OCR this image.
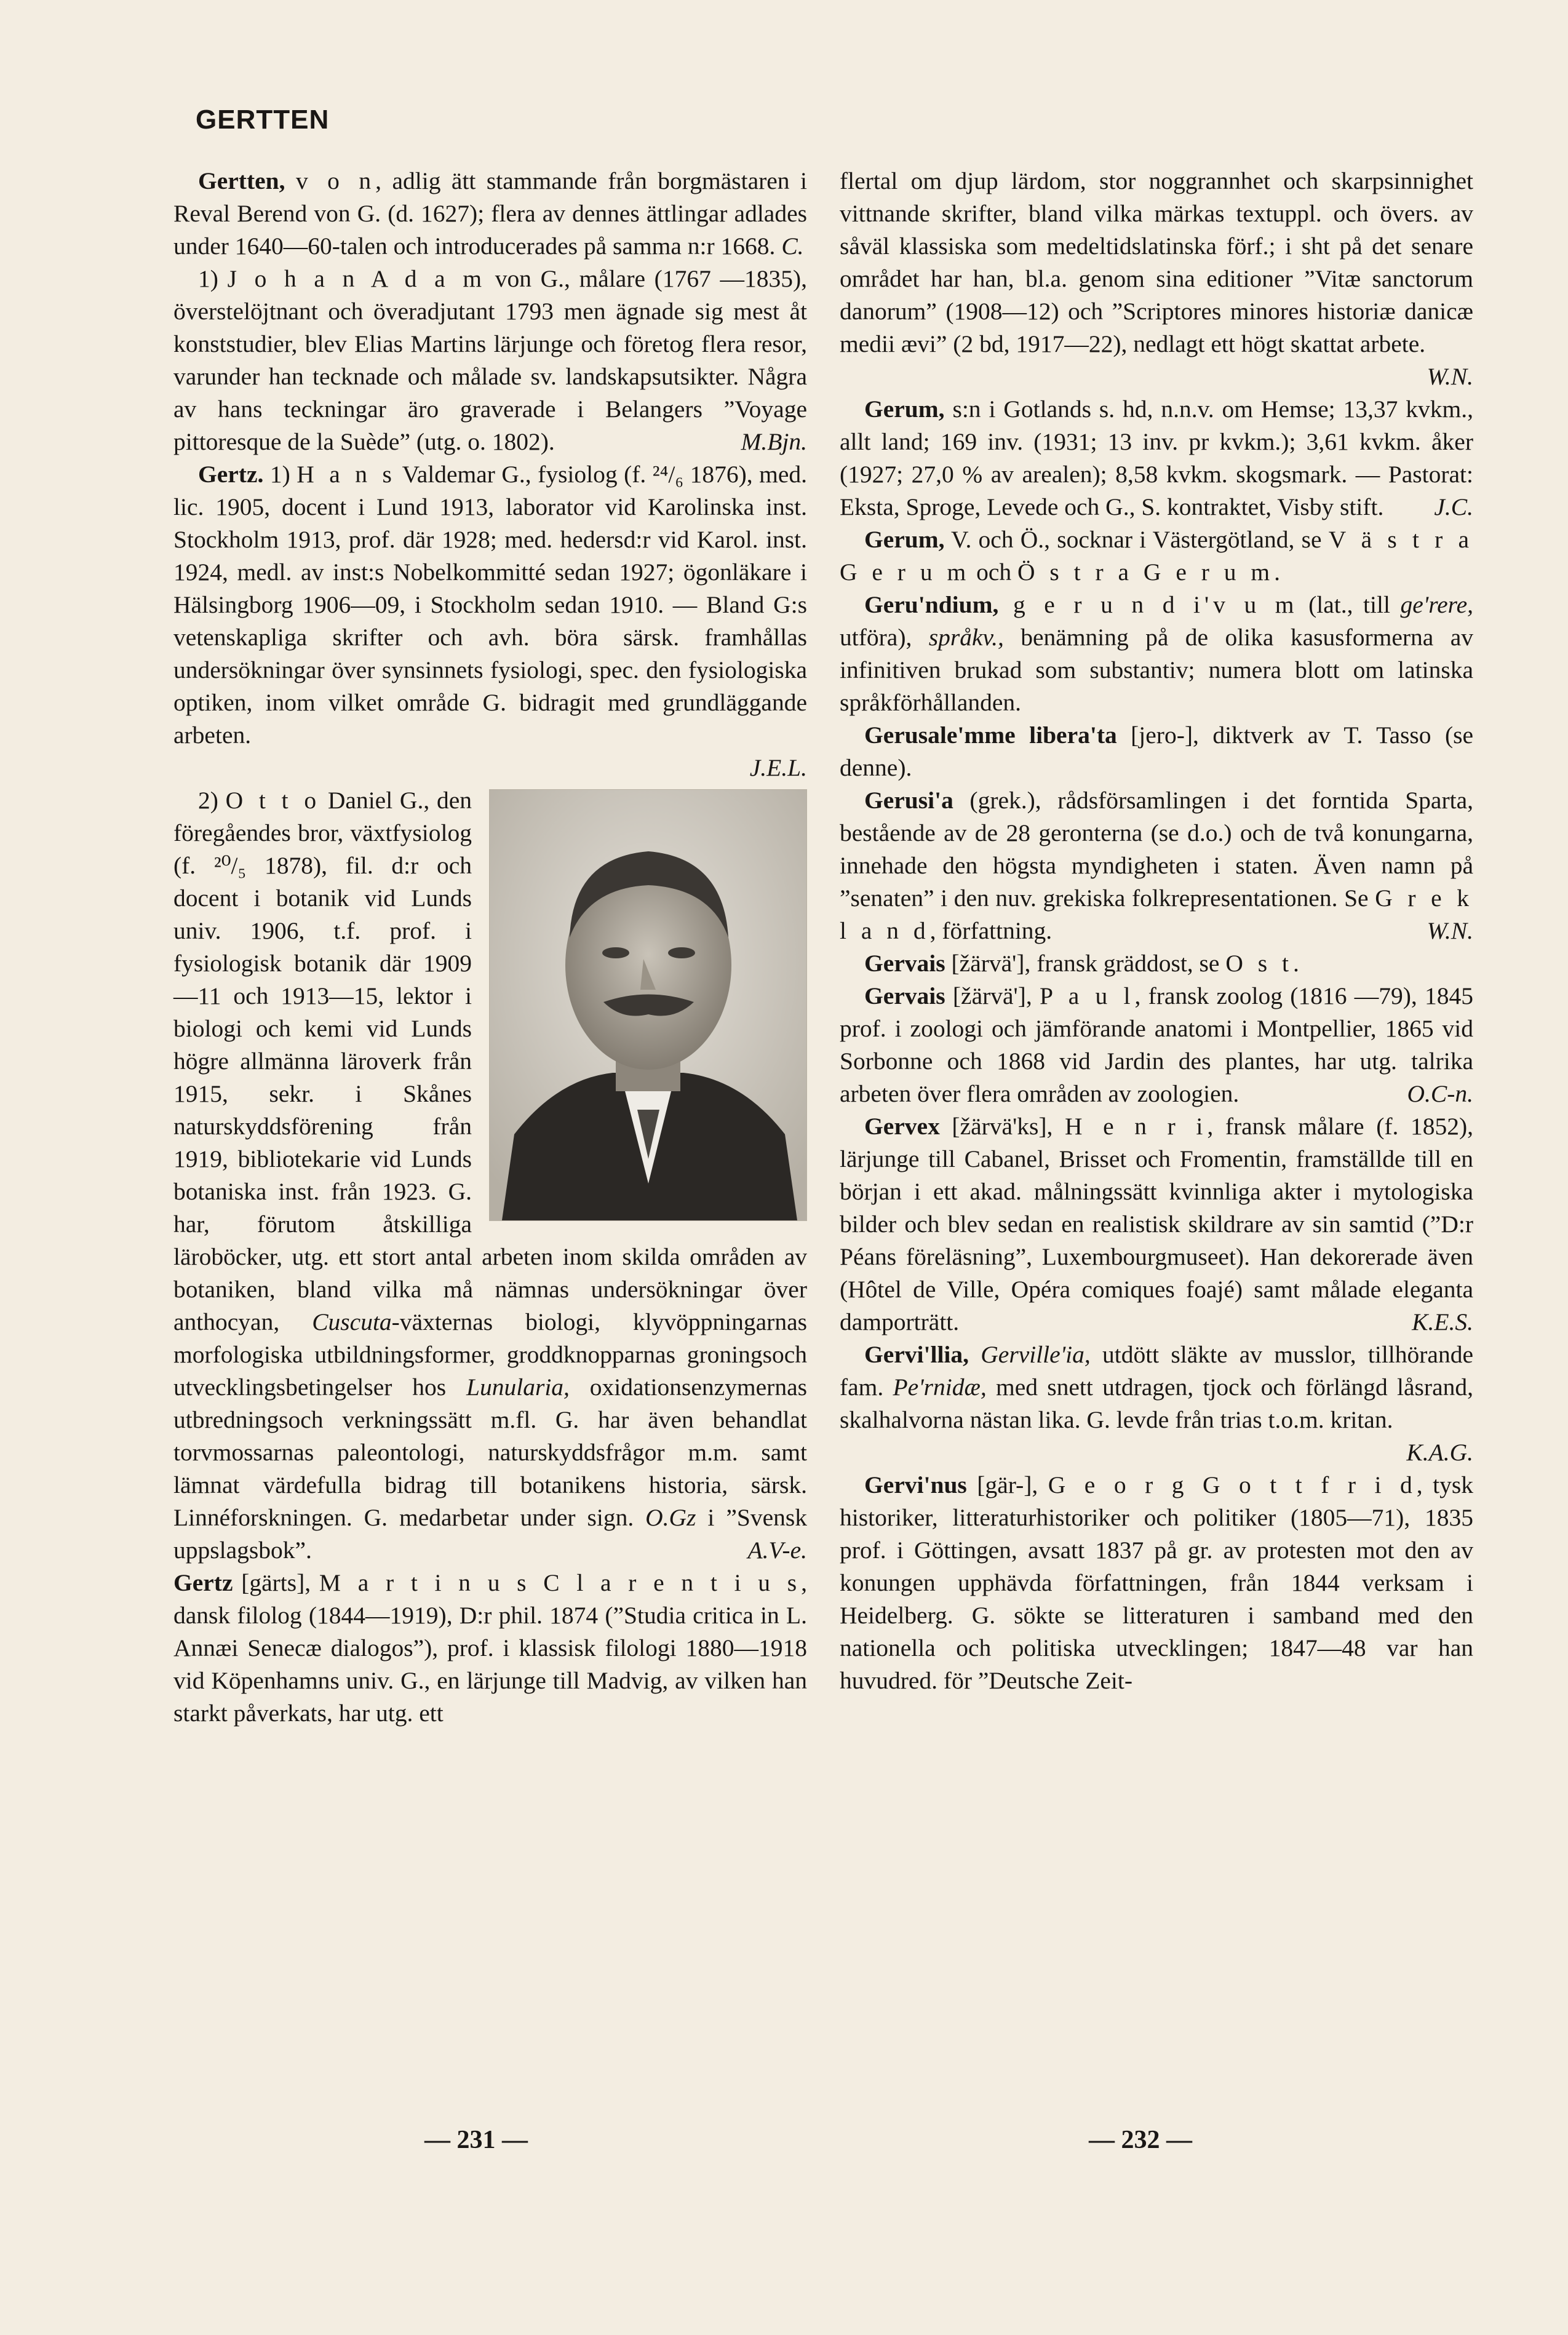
GERTTEN

Gertten, v o n, adlig ätt stammande från borgmästaren i Reval Berend von G. (d. 1627); flera av dennes ättlingar adlades under 1640—60-talen och introducerades på samma n:r 1668. C.

1) J o h a n A d a m von G., målare (1767 —1835), överstelöjtnant och överadjutant 1793 men ägnade sig mest åt konststudier, blev Elias Martins lärjunge och företog flera resor, varunder han tecknade och målade sv. landskapsutsikter. Några av hans teckningar äro graverade i Belangers ”Voyage pittoresque de la Suède” (utg. o. 1802).	M.Bjn.

Gertz. 1) H a n s Valdemar G., fysiolog (f. ²⁴/₆ 1876), med. lic. 1905, docent i Lund 1913, laborator vid Karolinska inst. Stockholm 1913, prof. där 1928; med. hedersd:r vid Karol. inst. 1924, medl. av inst:s Nobelkommitté sedan 1927; ögonläkare i Hälsingborg 1906—09, i Stockholm sedan 1910. — Bland G:s vetenskapliga skrifter och avh. böra särsk. framhållas undersökningar över synsinnets fysiologi, spec. den fysiologiska optiken, inom vilket område G. bidragit med grundläggande arbeten.
J.E.L.

2) O t t o Daniel G., den föregåendes bror, växtfysiolog (f. ²⁰/₅ 1878), fil. d:r och docent i botanik vid Lunds univ. 1906, t.f. prof. i fysiologisk botanik där 1909—11 och 1913—15, lektor i biologi och kemi vid Lunds högre allmänna läroverk från 1915, sekr. i Skånes naturskyddsförening från 1919, bibliotekarie vid Lunds botaniska inst. från 1923. G. har, förutom åtskilliga läroböcker, utg. ett stort antal arbeten inom skilda områden av botaniken, bland vilka må nämnas undersökningar över anthocyan, Cuscuta-växternas biologi, klyvöppningarnas morfologiska utbildningsformer, groddknopparnas groningsoch utvecklingsbetingelser hos Lunularia, oxidationsenzymernas utbredningsoch verkningssätt m.fl. G. har även behandlat torvmossarnas paleontologi, naturskyddsfrågor m.m. samt lämnat värdefulla bidrag till botanikens historia, särsk. Linnéforskningen. G. medarbetar under sign. O.Gz i ”Svensk uppslagsbok”.	A.V-e.

Gertz [gärts], M a r t i n u s C l a r e n t i u s, dansk filolog (1844—1919), D:r phil. 1874 (”Studia critica in L. Annæi Senecæ dialogos”), prof. i klassisk filologi 1880—1918 vid Köpenhamns univ. G., en lärjunge till Madvig, av vilken han starkt påverkats, har utg. ett

flertal om djup lärdom, stor noggrannhet och skarpsinnighet vittnande skrifter, bland vilka märkas textuppl. och övers. av såväl klassiska som medeltidslatinska förf.; i sht på det senare området har han, bl.a. genom sina editioner ”Vitæ sanctorum danorum” (1908—12) och ”Scriptores minores historiæ danicæ medii ævi” (2 bd, 1917—22), nedlagt ett högt skattat arbete.
W.N.

Gerum, s:n i Gotlands s. hd, n.n.v. om Hemse; 13,37 kvkm., allt land; 169 inv. (1931; 13 inv. pr kvkm.); 3,61 kvkm. åker (1927; 27,0 % av arealen); 8,58 kvkm. skogsmark. — Pastorat: Eksta, Sproge, Levede och G., S. kontraktet, Visby stift.	J.C.

Gerum, V. och Ö., socknar i Västergötland, se V ä s t r a G e r u m och Ö s t r a G e r u m.

Geru'ndium, g e r u n d i'v u m (lat., till ge'rere, utföra), språkv., benämning på de olika kasusformerna av infinitiven brukad som substantiv; numera blott om latinska språkförhållanden.

Gerusale'mme libera'ta [jero-], diktverk av T. Tasso (se denne).

Gerusi'a (grek.), rådsförsamlingen i det forntida Sparta, bestående av de 28 geronterna (se d.o.) och de två konungarna, innehade den högsta myndigheten i staten. Även namn på ”senaten” i den nuv. grekiska folkrepresentationen. Se G r e k l a n d, författning.	W.N.

Gervais [žärvä'], fransk gräddost, se O s t.

Gervais [žärvä'], P a u l, fransk zoolog (1816 —79), 1845 prof. i zoologi och jämförande anatomi i Montpellier, 1865 vid Sorbonne och 1868 vid Jardin des plantes, har utg. talrika arbeten över flera områden av zoologien.	O.C-n.

Gervex [žärvä'ks], H e n r i, fransk målare (f. 1852), lärjunge till Cabanel, Brisset och Fromentin, framställde till en början i ett akad. målningssätt kvinnliga akter i mytologiska bilder och blev sedan en realistisk skildrare av sin samtid (”D:r Péans föreläsning”, Luxembourgmuseet). Han dekorerade även (Hôtel de Ville, Opéra comiques foajé) samt målade eleganta damporträtt.	K.E.S.

Gervi'llia, Gerville'ia, utdött släkte av musslor, tillhörande fam. Pe'rnidæ, med snett utdragen, tjock och förlängd låsrand, skalhalvorna nästan lika. G. levde från trias t.o.m. kritan.
K.A.G.

Gervi'nus [gär-], G e o r g G o t t f r i d, tysk historiker, litteraturhistoriker och politiker (1805—71), 1835 prof. i Göttingen, avsatt 1837 på gr. av protesten mot den av konungen upphävda författningen, från 1844 verksam i Heidelberg. G. sökte se litteraturen i samband med den nationella och politiska utvecklingen; 1847—48 var han huvudred. för ”Deutsche Zeit-

— 231 —	— 232 —
